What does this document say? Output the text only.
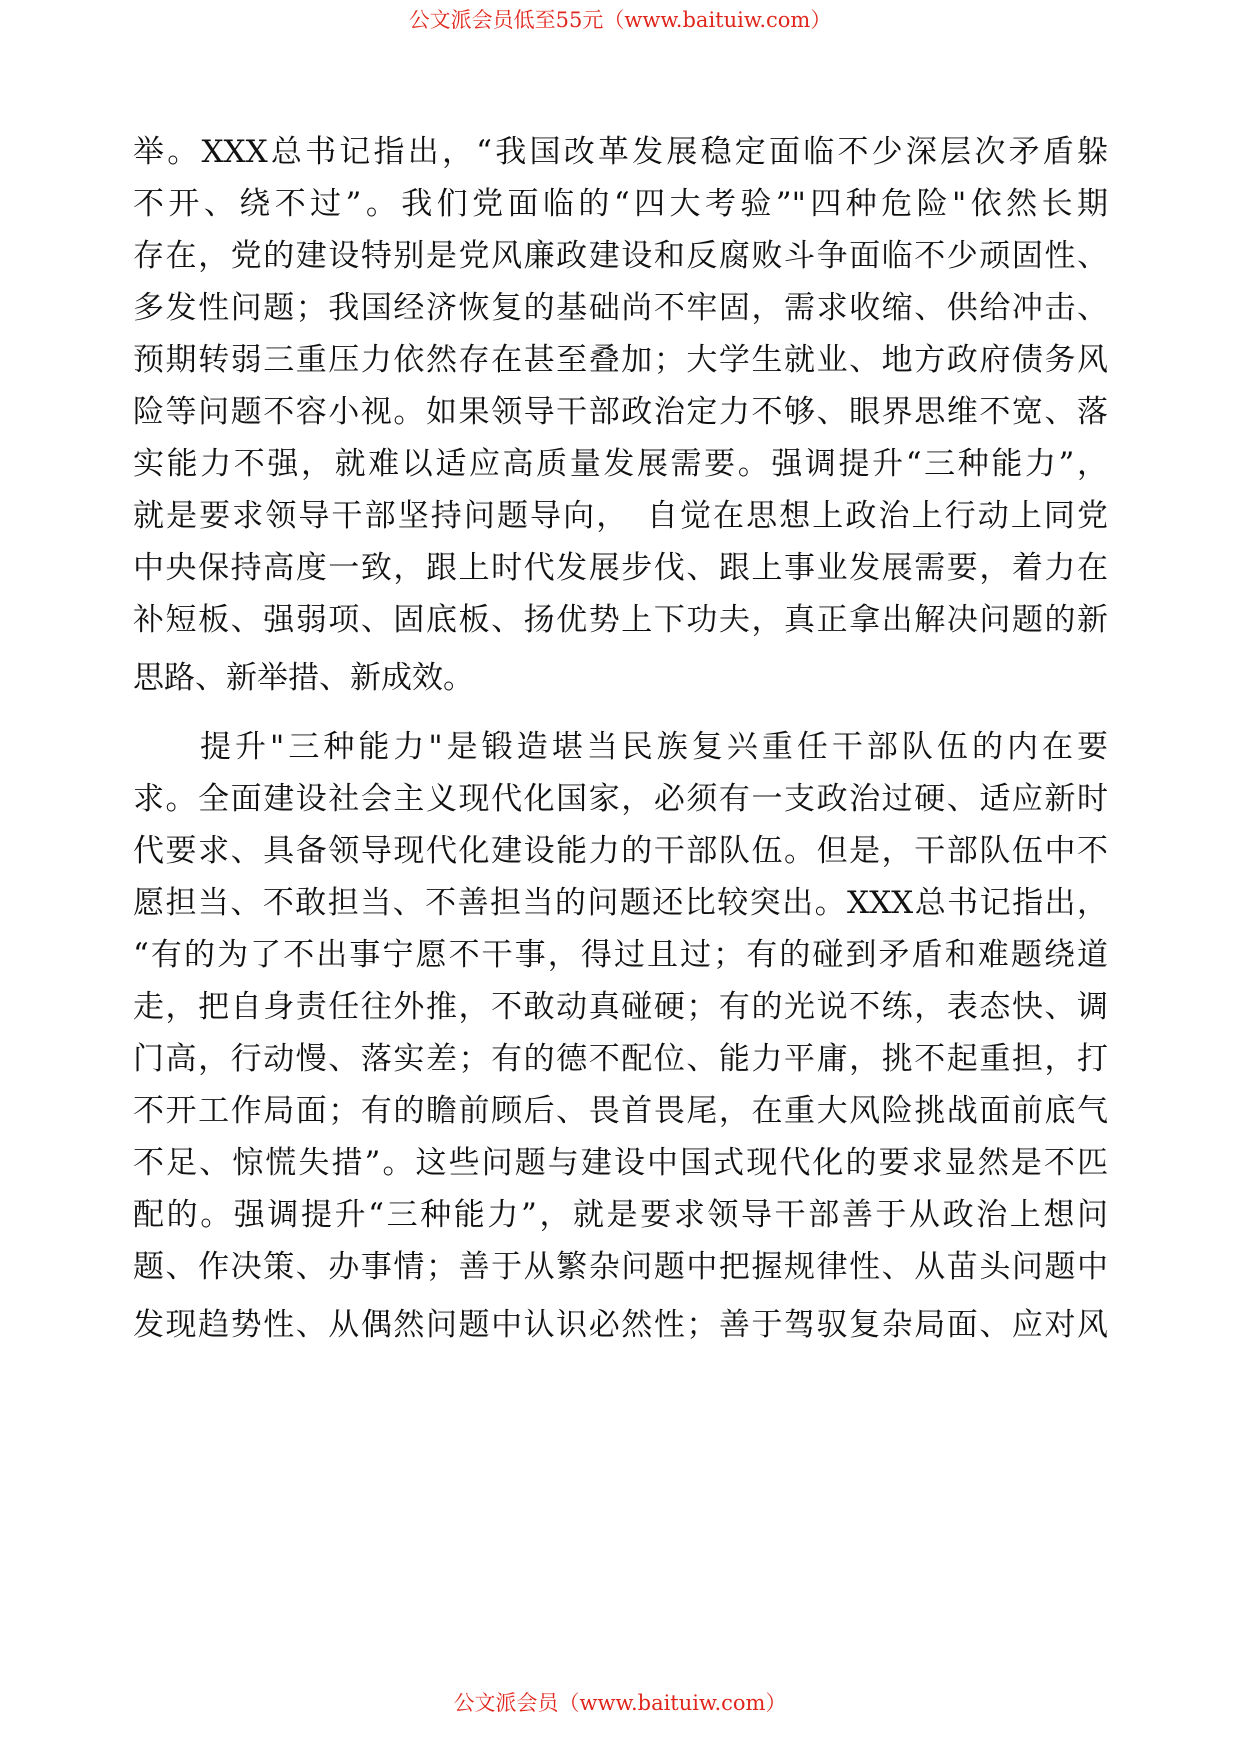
公文派会员低至55元（www.baituiw.com）
举。XXX总书记指出，“我国改革发展稳定面临不少深层次矛盾躲
不开、绕不过”。我们党面临的“四大考验”"四种危险"依然长期
存在，党的建设特别是党风廉政建设和反腐败斗争面临不少顽固性、
多发性问题；我国经济恢复的基础尚不牢固，需求收缩、供给冲击、
预期转弱三重压力依然存在甚至叠加；大学生就业、地方政府债务风
险等问题不容小视。如果领导干部政治定力不够、眼界思维不宽、落
实能力不强，就难以适应高质量发展需要。强调提升“三种能力”，
就是要求领导干部坚持问题导向，　自觉在思想上政治上行动上同党
中央保持高度一致，跟上时代发展步伐、跟上事业发展需要，着力在
补短板、强弱项、固底板、扬优势上下功夫，真正拿出解决问题的新
思路、新举措、新成效。
提升"三种能力"是锻造堪当民族复兴重任干部队伍的内在要
求。全面建设社会主义现代化国家，必须有一支政治过硬、适应新时
代要求、具备领导现代化建设能力的干部队伍。但是，干部队伍中不
愿担当、不敢担当、不善担当的问题还比较突出。XXX总书记指出，
“有的为了不出事宁愿不干事，得过且过；有的碰到矛盾和难题绕道
走，把自身责任往外推，不敢动真碰硬；有的光说不练，表态快、调
门高，行动慢、落实差；有的德不配位、能力平庸，挑不起重担，打
不开工作局面；有的瞻前顾后、畏首畏尾，在重大风险挑战面前底气
不足、惊慌失措”。这些问题与建设中国式现代化的要求显然是不匹
配的。强调提升“三种能力”，就是要求领导干部善于从政治上想问
题、作决策、办事情；善于从繁杂问题中把握规律性、从苗头问题中
发现趋势性、从偶然问题中认识必然性；善于驾驭复杂局面、应对风
公文派会员（www.baituiw.com）
